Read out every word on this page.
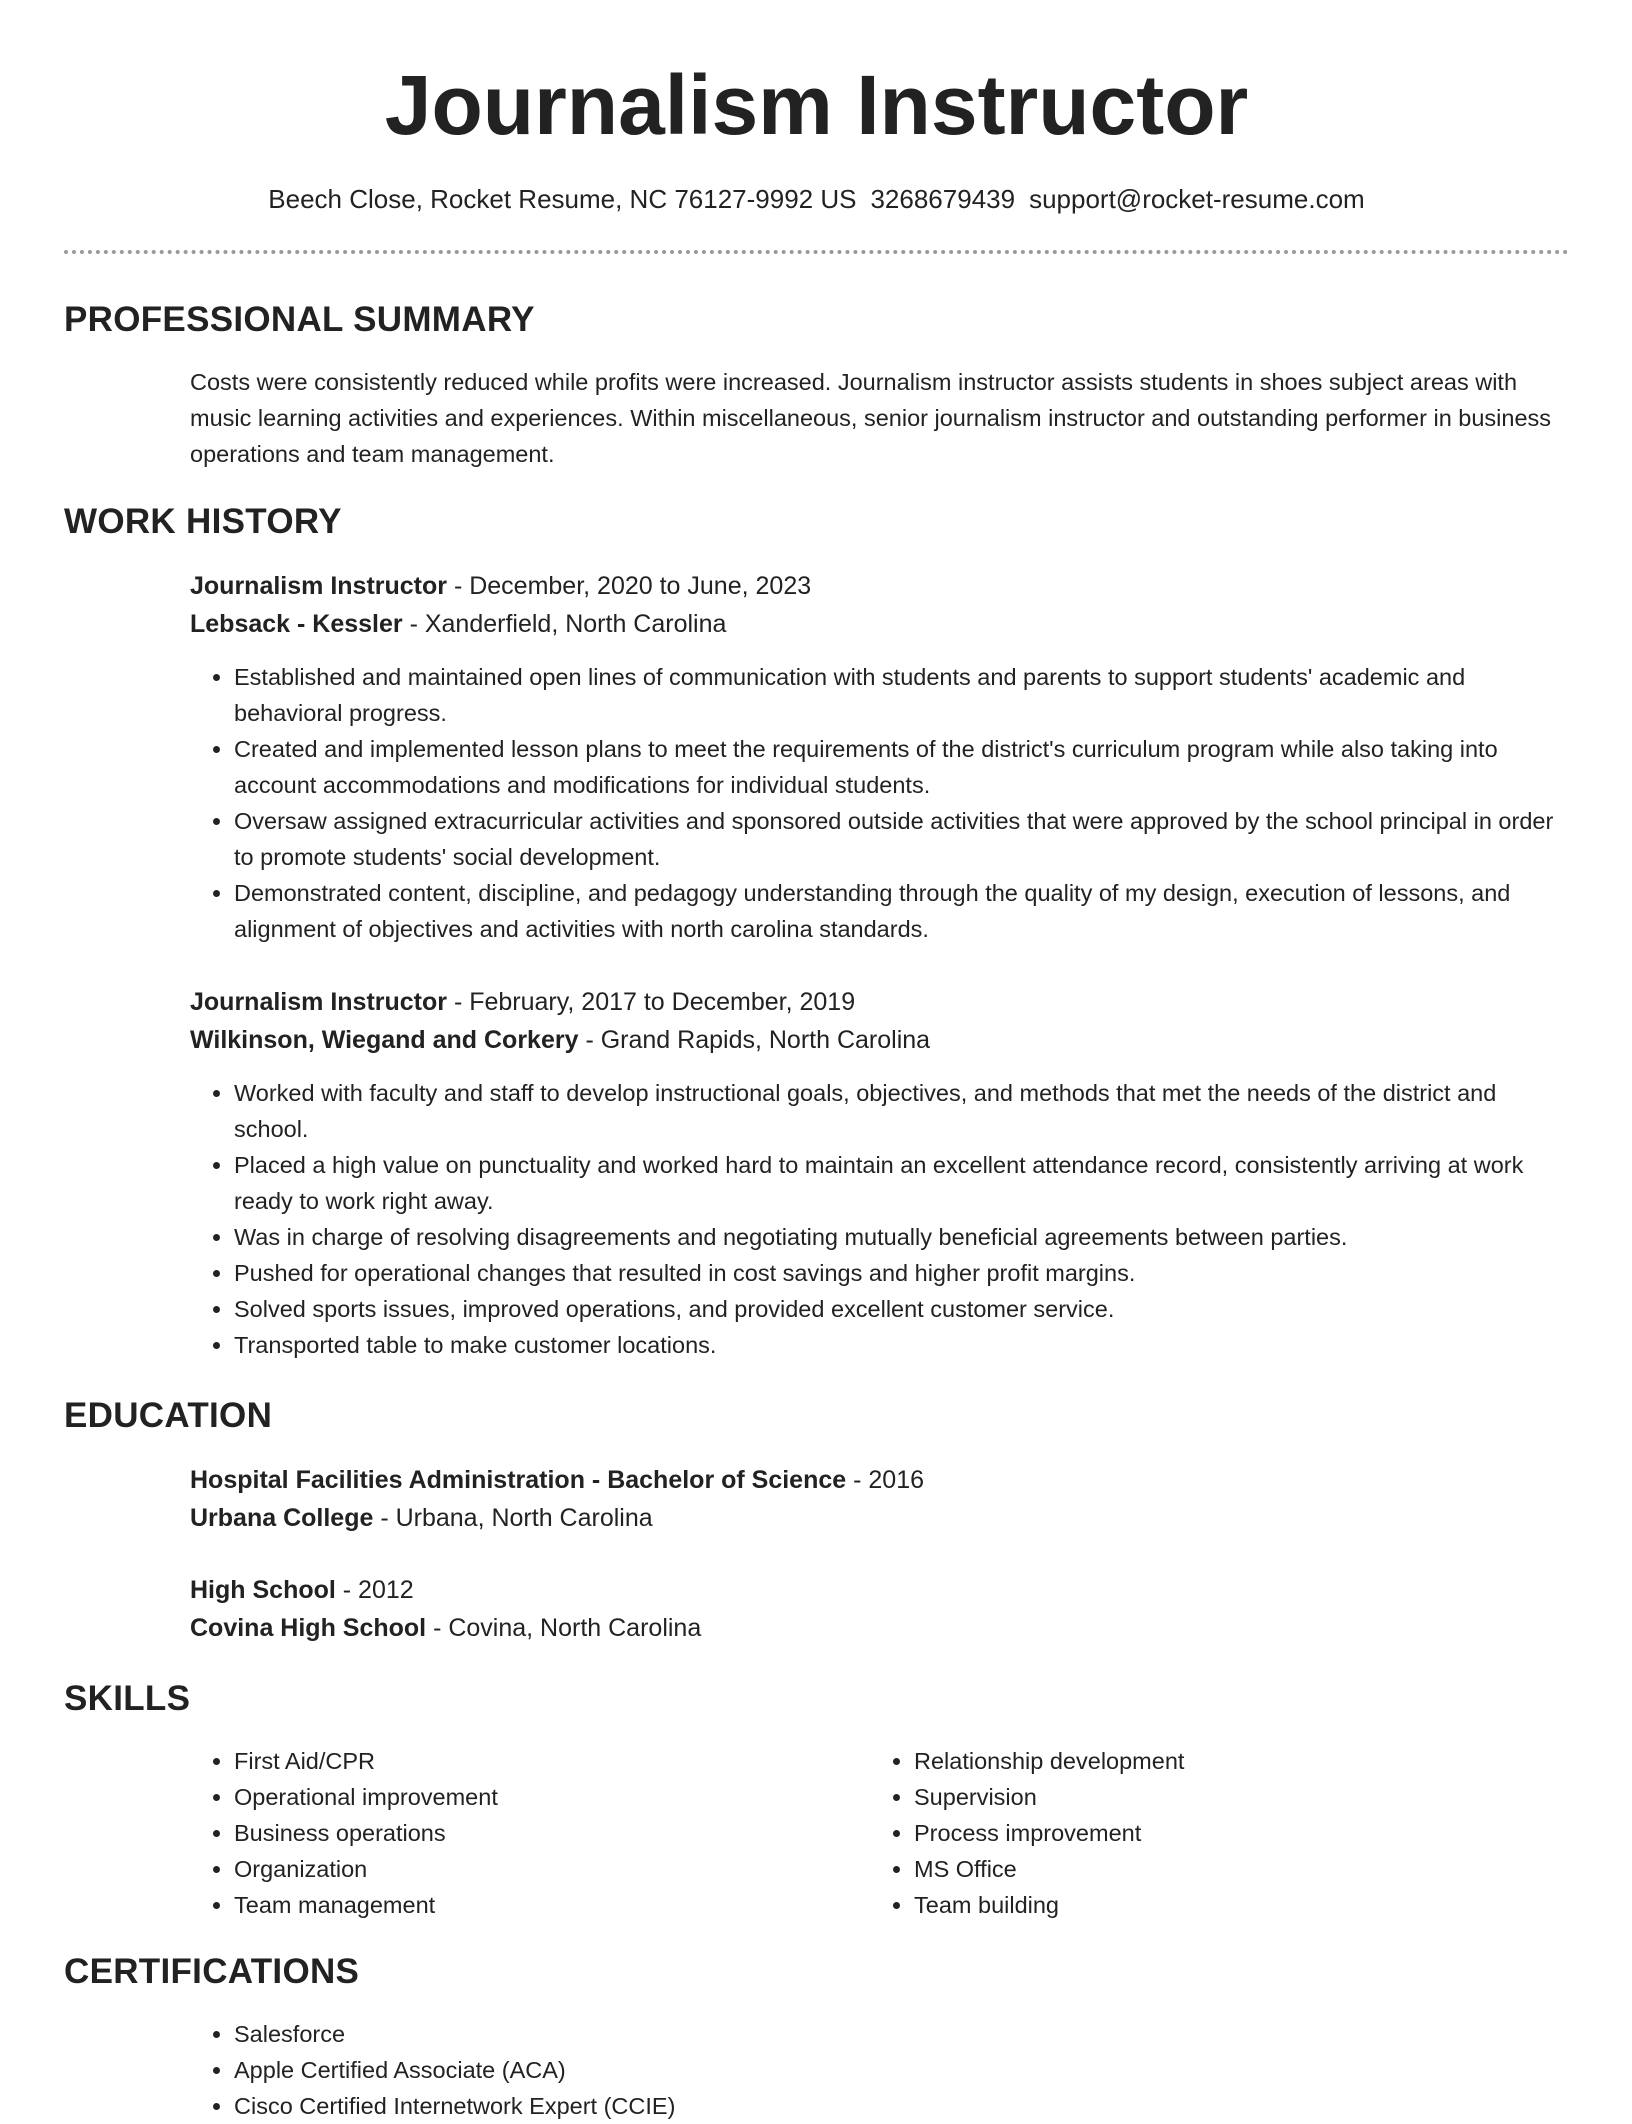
Journalism Instructor
Beech Close, Rocket Resume, NC 76127-9992 US 3268679439 support@rocket-resume.com
PROFESSIONAL SUMMARY
Costs were consistently reduced while profits were increased. Journalism instructor assists students in shoes subject areas with music learning activities and experiences. Within miscellaneous, senior journalism instructor and outstanding performer in business operations and team management.
WORK HISTORY
Journalism Instructor - December, 2020 to June, 2023
Lebsack - Kessler - Xanderfield, North Carolina
• Established and maintained open lines of communication with students and parents to support students' academic and behavioral progress.
• Created and implemented lesson plans to meet the requirements of the district's curriculum program while also taking into account accommodations and modifications for individual students.
• Oversaw assigned extracurricular activities and sponsored outside activities that were approved by the school principal in order to promote students' social development.
• Demonstrated content, discipline, and pedagogy understanding through the quality of my design, execution of lessons, and alignment of objectives and activities with north carolina standards.
Journalism Instructor - February, 2017 to December, 2019
Wilkinson, Wiegand and Corkery - Grand Rapids, North Carolina
• Worked with faculty and staff to develop instructional goals, objectives, and methods that met the needs of the district and school.
• Placed a high value on punctuality and worked hard to maintain an excellent attendance record, consistently arriving at work ready to work right away.
• Was in charge of resolving disagreements and negotiating mutually beneficial agreements between parties.
• Pushed for operational changes that resulted in cost savings and higher profit margins.
• Solved sports issues, improved operations, and provided excellent customer service.
• Transported table to make customer locations.
EDUCATION
Hospital Facilities Administration - Bachelor of Science - 2016
Urbana College - Urbana, North Carolina
High School - 2012
Covina High School - Covina, North Carolina
SKILLS
• First Aid/CPR
• Operational improvement
• Business operations
• Organization
• Team management
• Relationship development
• Supervision
• Process improvement
• MS Office
• Team building
CERTIFICATIONS
• Salesforce
• Apple Certified Associate (ACA)
• Cisco Certified Internetwork Expert (CCIE)
